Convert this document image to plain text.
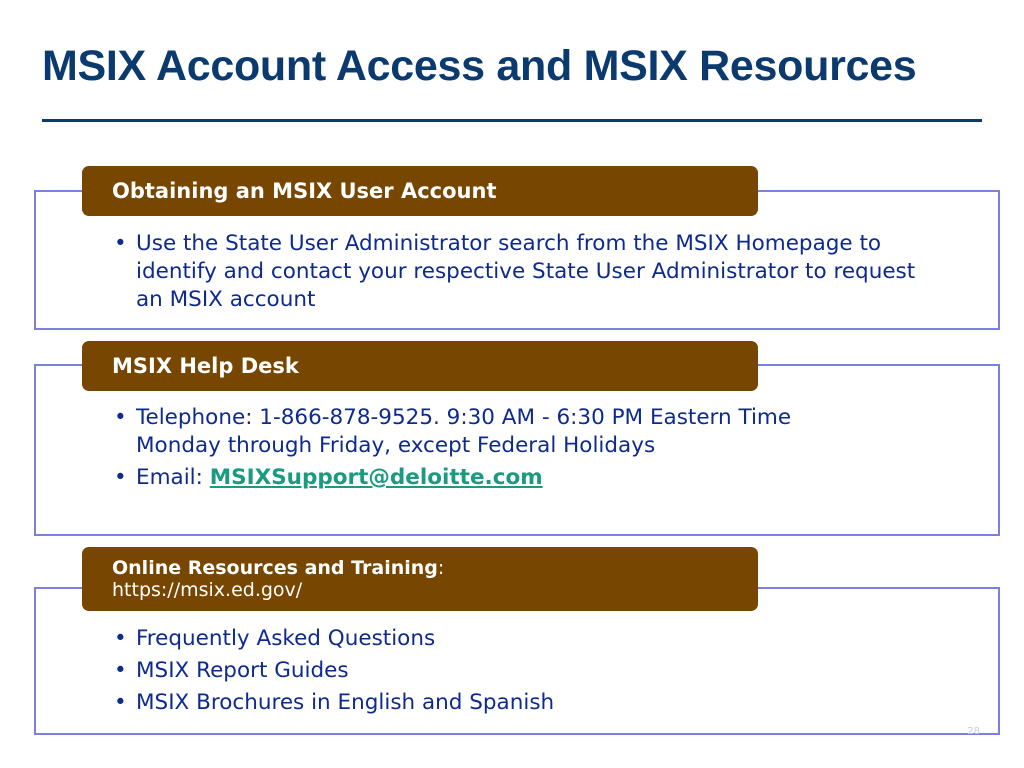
MSIX Account Access and MSIX Resources
Obtaining an MSIX User Account
• Use the State User Administrator search from the MSIX Homepage to identify and contact your respective State User Administrator to request an MSIX account
MSIX Help Desk
• Telephone: 1-866-878-9525. 9:30 AM - 6:30 PM Eastern Time
Monday through Friday, except Federal Holidays
• Email: MSIXSupport@deloitte.com
Online Resources and Training:
https://msix.ed.gov/
• Frequently Asked Questions
• MSIX Report Guides
• MSIX Brochures in English and Spanish
28
